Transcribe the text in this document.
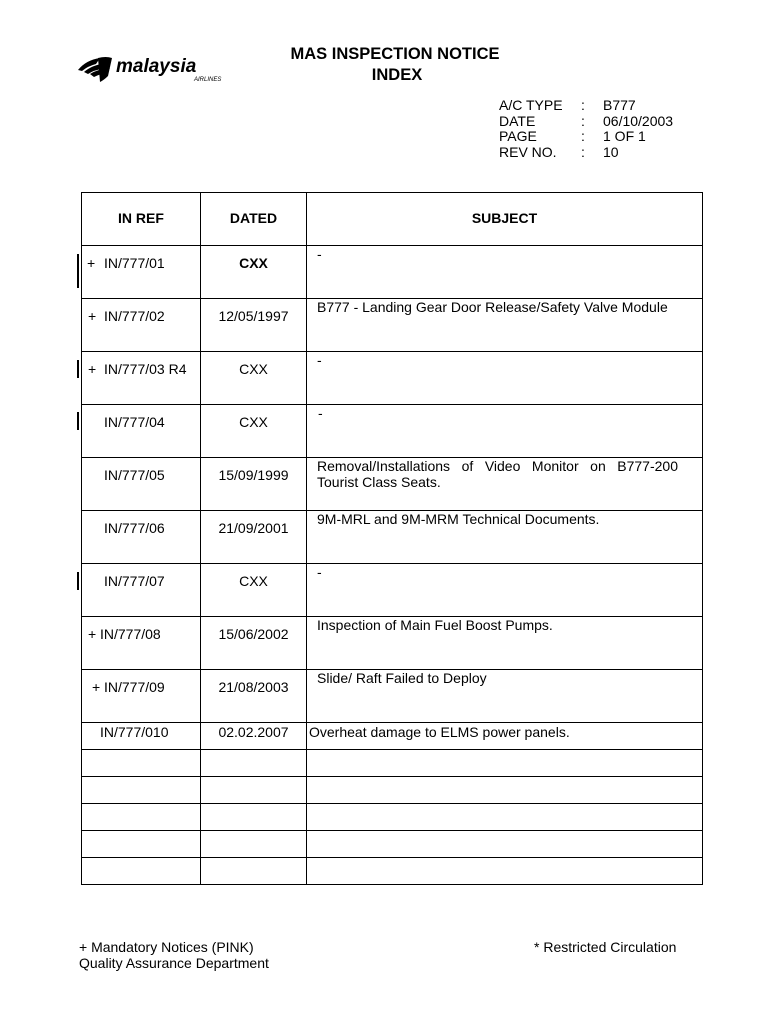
malaysia
AIRLINES
MAS INSPECTION NOTICE
INDEX
A/C TYPE	:	B777
DATE	:	06/10/2003
PAGE	:	1 OF 1
REV NO.	:	10
IN REF	DATED	SUBJECT

+ IN/777/01	CXX	-

+ IN/777/02	12/05/1997	B777 - Landing Gear Door Release/Safety Valve Module

+ IN/777/03 R4	CXX	-

IN/777/04	CXX	-

IN/777/05	15/09/1999	Removal/Installations of Video Monitor on B777-200 Tourist Class Seats.

IN/777/06	21/09/2001	9M-MRL and 9M-MRM Technical Documents.

IN/777/07	CXX	-

+ IN/777/08	15/06/2002	Inspection of Main Fuel Boost Pumps.

+ IN/777/09	21/08/2003	Slide/ Raft Failed to Deploy

IN/777/010	02.02.2007	Overheat damage to ELMS power panels.

+ Mandatory Notices (PINK)
Quality Assurance Department
* Restricted Circulation
